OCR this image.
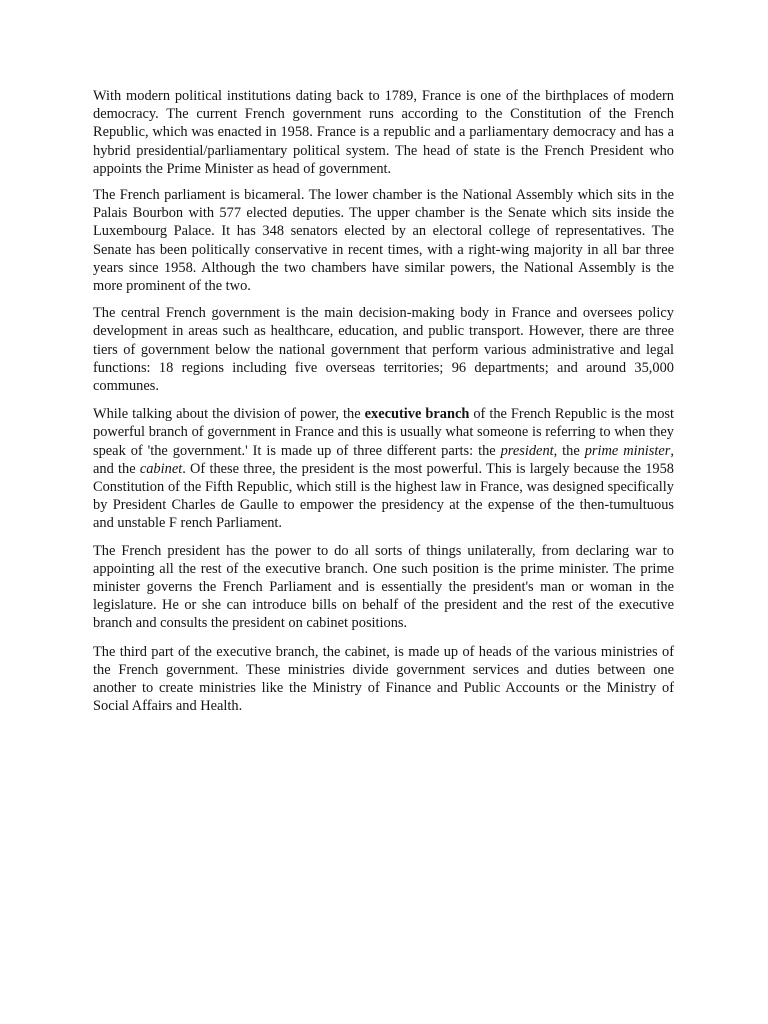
With modern political institutions dating back to 1789, France is one of the birthplaces of modern democracy. The current French government runs according to the Constitution of the French Republic, which was enacted in 1958. France is a republic and a parliamentary democracy and has a hybrid presidential/parliamentary political system. The head of state is the French President who appoints the Prime Minister as head of government.

The French parliament is bicameral. The lower chamber is the National Assembly which sits in the Palais Bourbon with 577 elected deputies. The upper chamber is the Senate which sits inside the Luxembourg Palace. It has 348 senators elected by an electoral college of representatives. The Senate has been politically conservative in recent times, with a right-wing majority in all bar three years since 1958. Although the two chambers have similar powers, the National Assembly is the more prominent of the two.

The central French government is the main decision-making body in France and oversees policy development in areas such as healthcare, education, and public transport. However, there are three tiers of government below the national government that perform various administrative and legal functions: 18 regions including five overseas territories; 96 departments; and around 35,000 communes.

While talking about the division of power, the executive branch of the French Republic is the most powerful branch of government in France and this is usually what someone is referring to when they speak of 'the government.' It is made up of three different parts: the president, the prime minister, and the cabinet. Of these three, the president is the most powerful. This is largely because the 1958 Constitution of the Fifth Republic, which still is the highest law in France, was designed specifically by President Charles de Gaulle to empower the presidency at the expense of the then-tumultuous and unstable F rench Parliament.

The French president has the power to do all sorts of things unilaterally, from declaring war to appointing all the rest of the executive branch. One such position is the prime minister. The prime minister governs the French Parliament and is essentially the president's man or woman in the legislature. He or she can introduce bills on behalf of the president and the rest of the executive branch and consults the president on cabinet positions.

The third part of the executive branch, the cabinet, is made up of heads of the various ministries of the French government. These ministries divide government services and duties between one another to create ministries like the Ministry of Finance and Public Accounts or the Ministry of Social Affairs and Health.
